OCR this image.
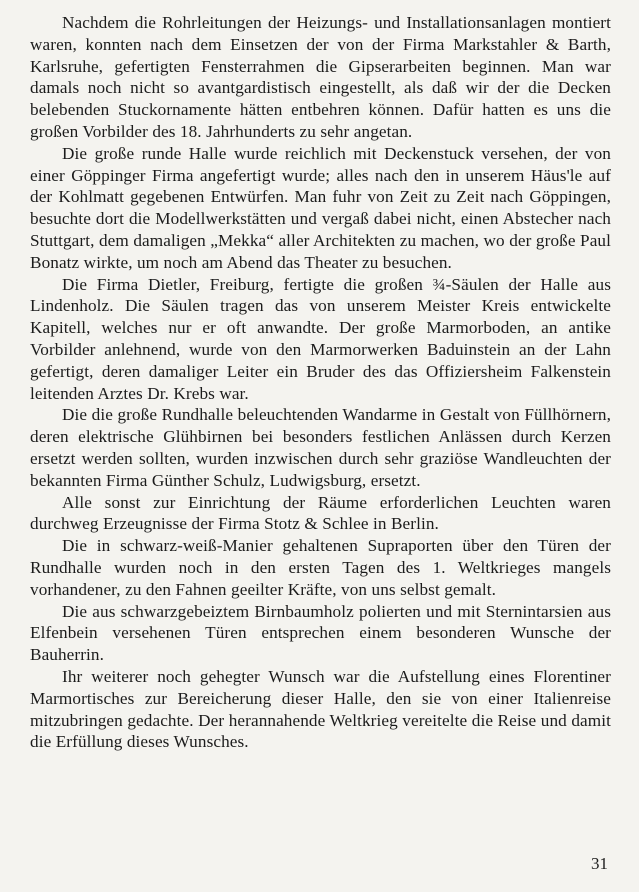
Nachdem die Rohrleitungen der Heizungs- und Installationsanlagen montiert waren, konnten nach dem Einsetzen der von der Firma Markstahler & Barth, Karlsruhe, gefertigten Fensterrahmen die Gipserarbeiten beginnen. Man war damals noch nicht so avantgardistisch eingestellt, als daß wir der die Decken belebenden Stuckornamente hätten entbehren können. Dafür hatten es uns die großen Vorbilder des 18. Jahrhunderts zu sehr angetan.

Die große runde Halle wurde reichlich mit Deckenstuck versehen, der von einer Göppinger Firma angefertigt wurde; alles nach den in unserem Häus'le auf der Kohlmatt gegebenen Entwürfen. Man fuhr von Zeit zu Zeit nach Göppingen, besuchte dort die Modellwerkstätten und vergaß dabei nicht, einen Abstecher nach Stuttgart, dem damaligen „Mekka“ aller Architekten zu machen, wo der große Paul Bonatz wirkte, um noch am Abend das Theater zu besuchen.

Die Firma Dietler, Freiburg, fertigte die großen ¾-Säulen der Halle aus Lindenholz. Die Säulen tragen das von unserem Meister Kreis entwickelte Kapitell, welches nur er oft anwandte. Der große Marmorboden, an antike Vorbilder anlehnend, wurde von den Marmorwerken Baduinstein an der Lahn gefertigt, deren damaliger Leiter ein Bruder des das Offiziersheim Falkenstein leitenden Arztes Dr. Krebs war.

Die die große Rundhalle beleuchtenden Wandarme in Gestalt von Füllhörnern, deren elektrische Glühbirnen bei besonders festlichen Anlässen durch Kerzen ersetzt werden sollten, wurden inzwischen durch sehr graziöse Wandleuchten der bekannten Firma Günther Schulz, Ludwigsburg, ersetzt.

Alle sonst zur Einrichtung der Räume erforderlichen Leuchten waren durchweg Erzeugnisse der Firma Stotz & Schlee in Berlin.

Die in schwarz-weiß-Manier gehaltenen Supraporten über den Türen der Rundhalle wurden noch in den ersten Tagen des 1. Weltkrieges mangels vorhandener, zu den Fahnen geeilter Kräfte, von uns selbst gemalt.

Die aus schwarzgebeiztem Birnbaumholz polierten und mit Sternintarsien aus Elfenbein versehenen Türen entsprechen einem besonderen Wunsche der Bauherrin.

Ihr weiterer noch gehegter Wunsch war die Aufstellung eines Florentiner Marmortisches zur Bereicherung dieser Halle, den sie von einer Italienreise mitzubringen gedachte. Der herannahende Weltkrieg vereitelte die Reise und damit die Erfüllung dieses Wunsches.

31
